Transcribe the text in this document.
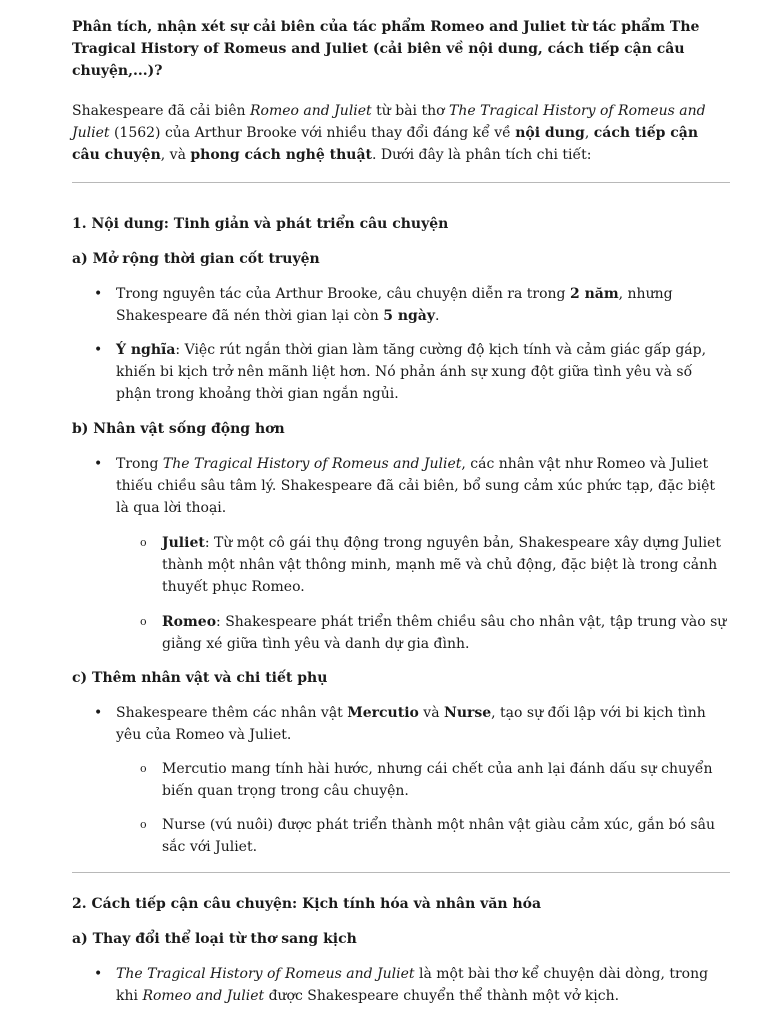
Phân tích, nhận xét sự cải biên của tác phẩm Romeo and Juliet từ tác phẩm The Tragical History of Romeus and Juliet (cải biên về nội dung, cách tiếp cận câu chuyện,...)?

Shakespeare đã cải biên Romeo and Juliet từ bài thơ The Tragical History of Romeus and Juliet (1562) của Arthur Brooke với nhiều thay đổi đáng kể về nội dung, cách tiếp cận câu chuyện, và phong cách nghệ thuật. Dưới đây là phân tích chi tiết:

1. Nội dung: Tinh giản và phát triển câu chuyện

a) Mở rộng thời gian cốt truyện

• Trong nguyên tác của Arthur Brooke, câu chuyện diễn ra trong 2 năm, nhưng Shakespeare đã nén thời gian lại còn 5 ngày.
• Ý nghĩa: Việc rút ngắn thời gian làm tăng cường độ kịch tính và cảm giác gấp gáp, khiến bi kịch trở nên mãnh liệt hơn. Nó phản ánh sự xung đột giữa tình yêu và số phận trong khoảng thời gian ngắn ngủi.

b) Nhân vật sống động hơn

• Trong The Tragical History of Romeus and Juliet, các nhân vật như Romeo và Juliet thiếu chiều sâu tâm lý. Shakespeare đã cải biên, bổ sung cảm xúc phức tạp, đặc biệt là qua lời thoại.
o Juliet: Từ một cô gái thụ động trong nguyên bản, Shakespeare xây dựng Juliet thành một nhân vật thông minh, mạnh mẽ và chủ động, đặc biệt là trong cảnh thuyết phục Romeo.
o Romeo: Shakespeare phát triển thêm chiều sâu cho nhân vật, tập trung vào sự giằng xé giữa tình yêu và danh dự gia đình.

c) Thêm nhân vật và chi tiết phụ

• Shakespeare thêm các nhân vật Mercutio và Nurse, tạo sự đối lập với bi kịch tình yêu của Romeo và Juliet.
o Mercutio mang tính hài hước, nhưng cái chết của anh lại đánh dấu sự chuyển biến quan trọng trong câu chuyện.
o Nurse (vú nuôi) được phát triển thành một nhân vật giàu cảm xúc, gắn bó sâu sắc với Juliet.

2. Cách tiếp cận câu chuyện: Kịch tính hóa và nhân văn hóa

a) Thay đổi thể loại từ thơ sang kịch

• The Tragical History of Romeus and Juliet là một bài thơ kể chuyện dài dòng, trong khi Romeo and Juliet được Shakespeare chuyển thể thành một vở kịch.
